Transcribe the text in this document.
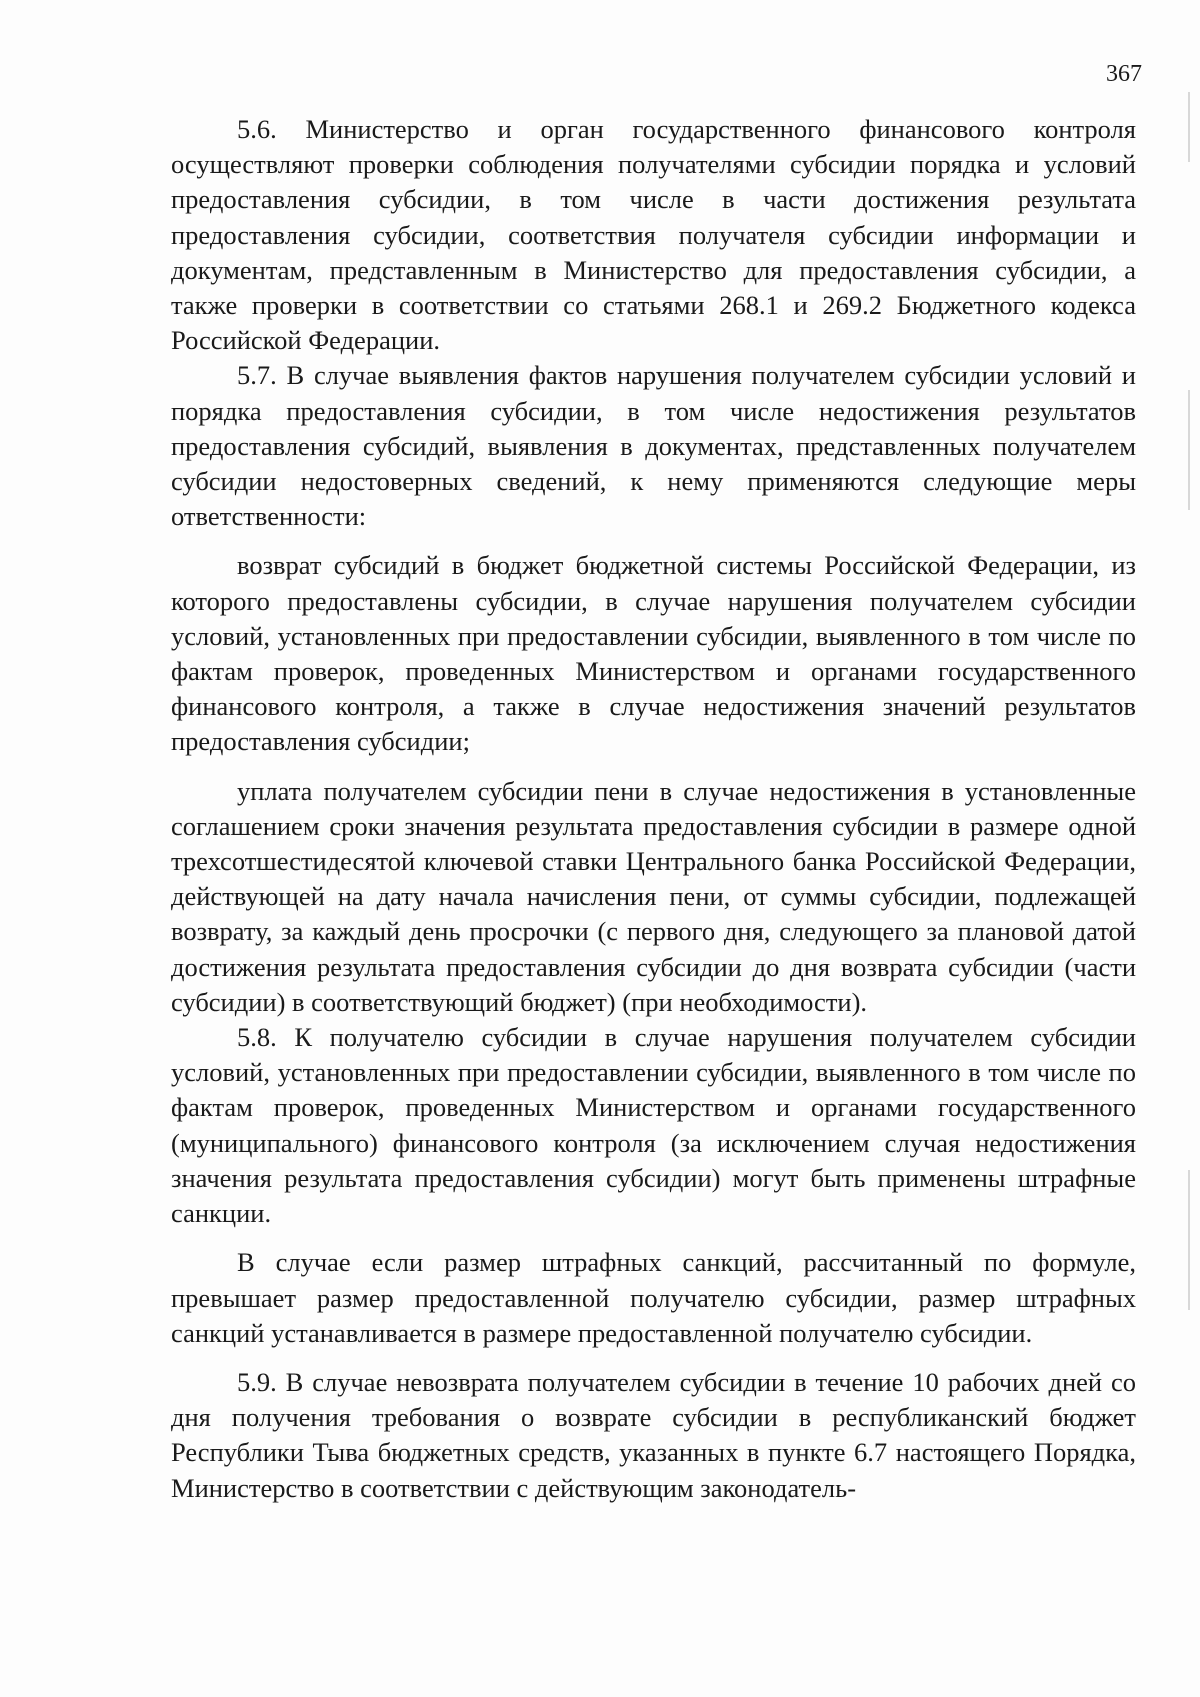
367

5.6. Министерство и орган государственного финансового контроля осуществляют проверки соблюдения получателями субсидии порядка и условий предоставления субсидии, в том числе в части достижения результата предоставления субсидии, соответствия получателя субсидии информации и документам, представленным в Министерство для предоставления субсидии, а также проверки в соответствии со статьями 268.1 и 269.2 Бюджетного кодекса Российской Федерации.

5.7. В случае выявления фактов нарушения получателем субсидии условий и порядка предоставления субсидии, в том числе недостижения результатов предоставления субсидий, выявления в документах, представленных получателем субсидии недостоверных сведений, к нему применяются следующие меры ответственности:

возврат субсидий в бюджет бюджетной системы Российской Федерации, из которого предоставлены субсидии, в случае нарушения получателем субсидии условий, установленных при предоставлении субсидии, выявленного в том числе по фактам проверок, проведенных Министерством и органами государственного финансового контроля, а также в случае недостижения значений результатов предоставления субсидии;

уплата получателем субсидии пени в случае недостижения в установленные соглашением сроки значения результата предоставления субсидии в размере одной трехсотшестидесятой ключевой ставки Центрального банка Российской Федерации, действующей на дату начала начисления пени, от суммы субсидии, подлежащей возврату, за каждый день просрочки (с первого дня, следующего за плановой датой достижения результата предоставления субсидии до дня возврата субсидии (части субсидии) в соответствующий бюджет) (при необходимости).

5.8. К получателю субсидии в случае нарушения получателем субсидии условий, установленных при предоставлении субсидии, выявленного в том числе по фактам проверок, проведенных Министерством и органами государственного (муниципального) финансового контроля (за исключением случая недостижения значения результата предоставления субсидии) могут быть применены штрафные санкции.

В случае если размер штрафных санкций, рассчитанный по формуле, превышает размер предоставленной получателю субсидии, размер штрафных санкций устанавливается в размере предоставленной получателю субсидии.

5.9. В случае невозврата получателем субсидии в течение 10 рабочих дней со дня получения требования о возврате субсидии в республиканский бюджет Республики Тыва бюджетных средств, указанных в пункте 6.7 настоящего Порядка, Министерство в соответствии с действующим законодатель-
